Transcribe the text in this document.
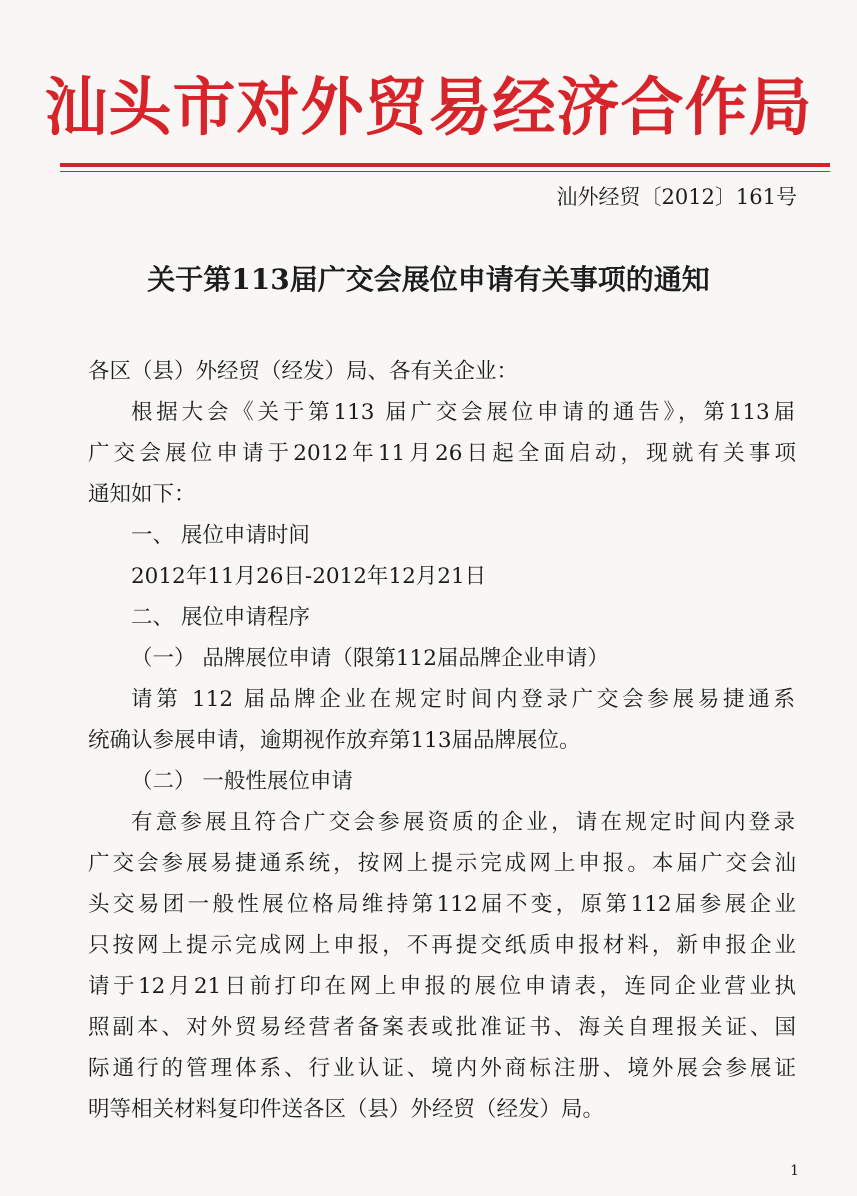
汕头市对外贸易经济合作局
汕外经贸〔2012〕161号
关于第113届广交会展位申请有关事项的通知
各区（县）外经贸（经发）局、各有关企业：
根据大会《关于第113 届广交会展位申请的通告》，第113届
广交会展位申请于2012年11月26日起全面启动，现就有关事项
通知如下：
一、 展位申请时间
2012年11月26日-2012年12月21日
二、 展位申请程序
（一） 品牌展位申请（限第112届品牌企业申请）
请第 112 届品牌企业在规定时间内登录广交会参展易捷通系
统确认参展申请，逾期视作放弃第113届品牌展位。
（二） 一般性展位申请
有意参展且符合广交会参展资质的企业，请在规定时间内登录
广交会参展易捷通系统，按网上提示完成网上申报。本届广交会汕
头交易团一般性展位格局维持第112届不变，原第112届参展企业
只按网上提示完成网上申报，不再提交纸质申报材料，新申报企业
请于12月21日前打印在网上申报的展位申请表，连同企业营业执
照副本、对外贸易经营者备案表或批准证书、海关自理报关证、国
际通行的管理体系、行业认证、境内外商标注册、境外展会参展证
明等相关材料复印件送各区（县）外经贸（经发）局。
1
